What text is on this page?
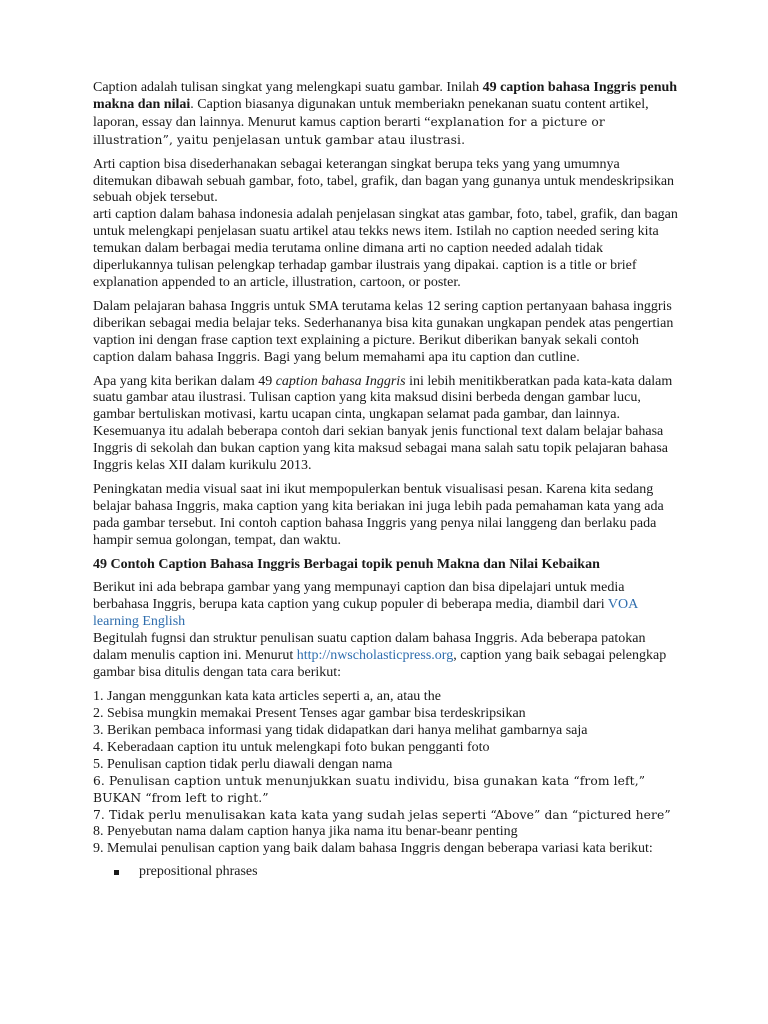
Caption adalah tulisan singkat yang melengkapi suatu gambar. Inilah 49 caption bahasa Inggris penuh makna dan nilai. Caption biasanya digunakan untuk memberiakn penekanan suatu content artikel, laporan, essay dan lainnya. Menurut kamus caption berarti “explanation for a picture or illustration”, yaitu penjelasan untuk gambar atau ilustrasi.

Arti caption bisa disederhanakan sebagai keterangan singkat berupa teks yang yang umumnya ditemukan dibawah sebuah gambar, foto, tabel, grafik, dan bagan yang gunanya untuk mendeskripsikan sebuah objek tersebut.
arti caption dalam bahasa indonesia adalah penjelasan singkat atas gambar, foto, tabel, grafik, dan bagan untuk melengkapi penjelasan suatu artikel atau tekks news item. Istilah no caption needed sering kita temukan dalam berbagai media terutama online dimana arti no caption needed adalah tidak diperlukannya tulisan pelengkap terhadap gambar ilustrais yang dipakai. caption is a title or brief explanation appended to an article, illustration, cartoon, or poster.

Dalam pelajaran bahasa Inggris untuk SMA terutama kelas 12 sering caption pertanyaan bahasa inggris diberikan sebagai media belajar teks. Sederhananya bisa kita gunakan ungkapan pendek atas pengertian vaption ini dengan frase caption text explaining a picture. Berikut diberikan banyak sekali contoh caption dalam bahasa Inggris. Bagi yang belum memahami apa itu caption dan cutline.

Apa yang kita berikan dalam 49 caption bahasa Inggris ini lebih menitikberatkan pada kata-kata dalam suatu gambar atau ilustrasi. Tulisan caption yang kita maksud disini berbeda dengan gambar lucu, gambar bertuliskan motivasi, kartu ucapan cinta, ungkapan selamat pada gambar, dan lainnya. Kesemuanya itu adalah beberapa contoh dari sekian banyak jenis functional text dalam belajar bahasa Inggris di sekolah dan bukan caption yang kita maksud sebagai mana salah satu topik pelajaran bahasa Inggris kelas XII dalam kurikulu 2013.

Peningkatan media visual saat ini ikut mempopulerkan bentuk visualisasi pesan. Karena kita sedang belajar bahasa Inggris, maka caption yang kita beriakan ini juga lebih pada pemahaman kata yang ada pada gambar tersebut. Ini contoh caption bahasa Inggris yang penya nilai langgeng dan berlaku pada hampir semua golongan, tempat, dan waktu.

49 Contoh Caption Bahasa Inggris Berbagai topik penuh Makna dan Nilai Kebaikan

Berikut ini ada bebrapa gambar yang yang mempunayi caption dan bisa dipelajari untuk media berbahasa Inggris, berupa kata caption yang cukup populer di beberapa media, diambil dari VOA learning English

Begitulah fugnsi dan struktur penulisan suatu caption dalam bahasa Inggris. Ada beberapa patokan dalam menulis caption ini. Menurut http://nwscholasticpress.org, caption yang baik sebagai pelengkap gambar bisa ditulis dengan tata cara berikut:

1. Jangan menggunkan kata kata articles seperti a, an, atau the
2. Sebisa mungkin memakai Present Tenses agar gambar bisa terdeskripsikan
3. Berikan pembaca informasi yang tidak didapatkan dari hanya melihat gambarnya saja
4. Keberadaan caption itu untuk melengkapi foto bukan pengganti foto
5. Penulisan caption tidak perlu diawali dengan nama
6. Penulisan caption untuk menunjukkan suatu individu, bisa gunakan kata “from left,” BUKAN “from left to right.”
7. Tidak perlu menulisakan kata kata yang sudah jelas seperti “Above” dan “pictured here”
8. Penyebutan nama dalam caption hanya jika nama itu benar-beanr penting
9. Memulai penulisan caption yang baik dalam bahasa Inggris dengan beberapa variasi kata berikut:
prepositional phrases
